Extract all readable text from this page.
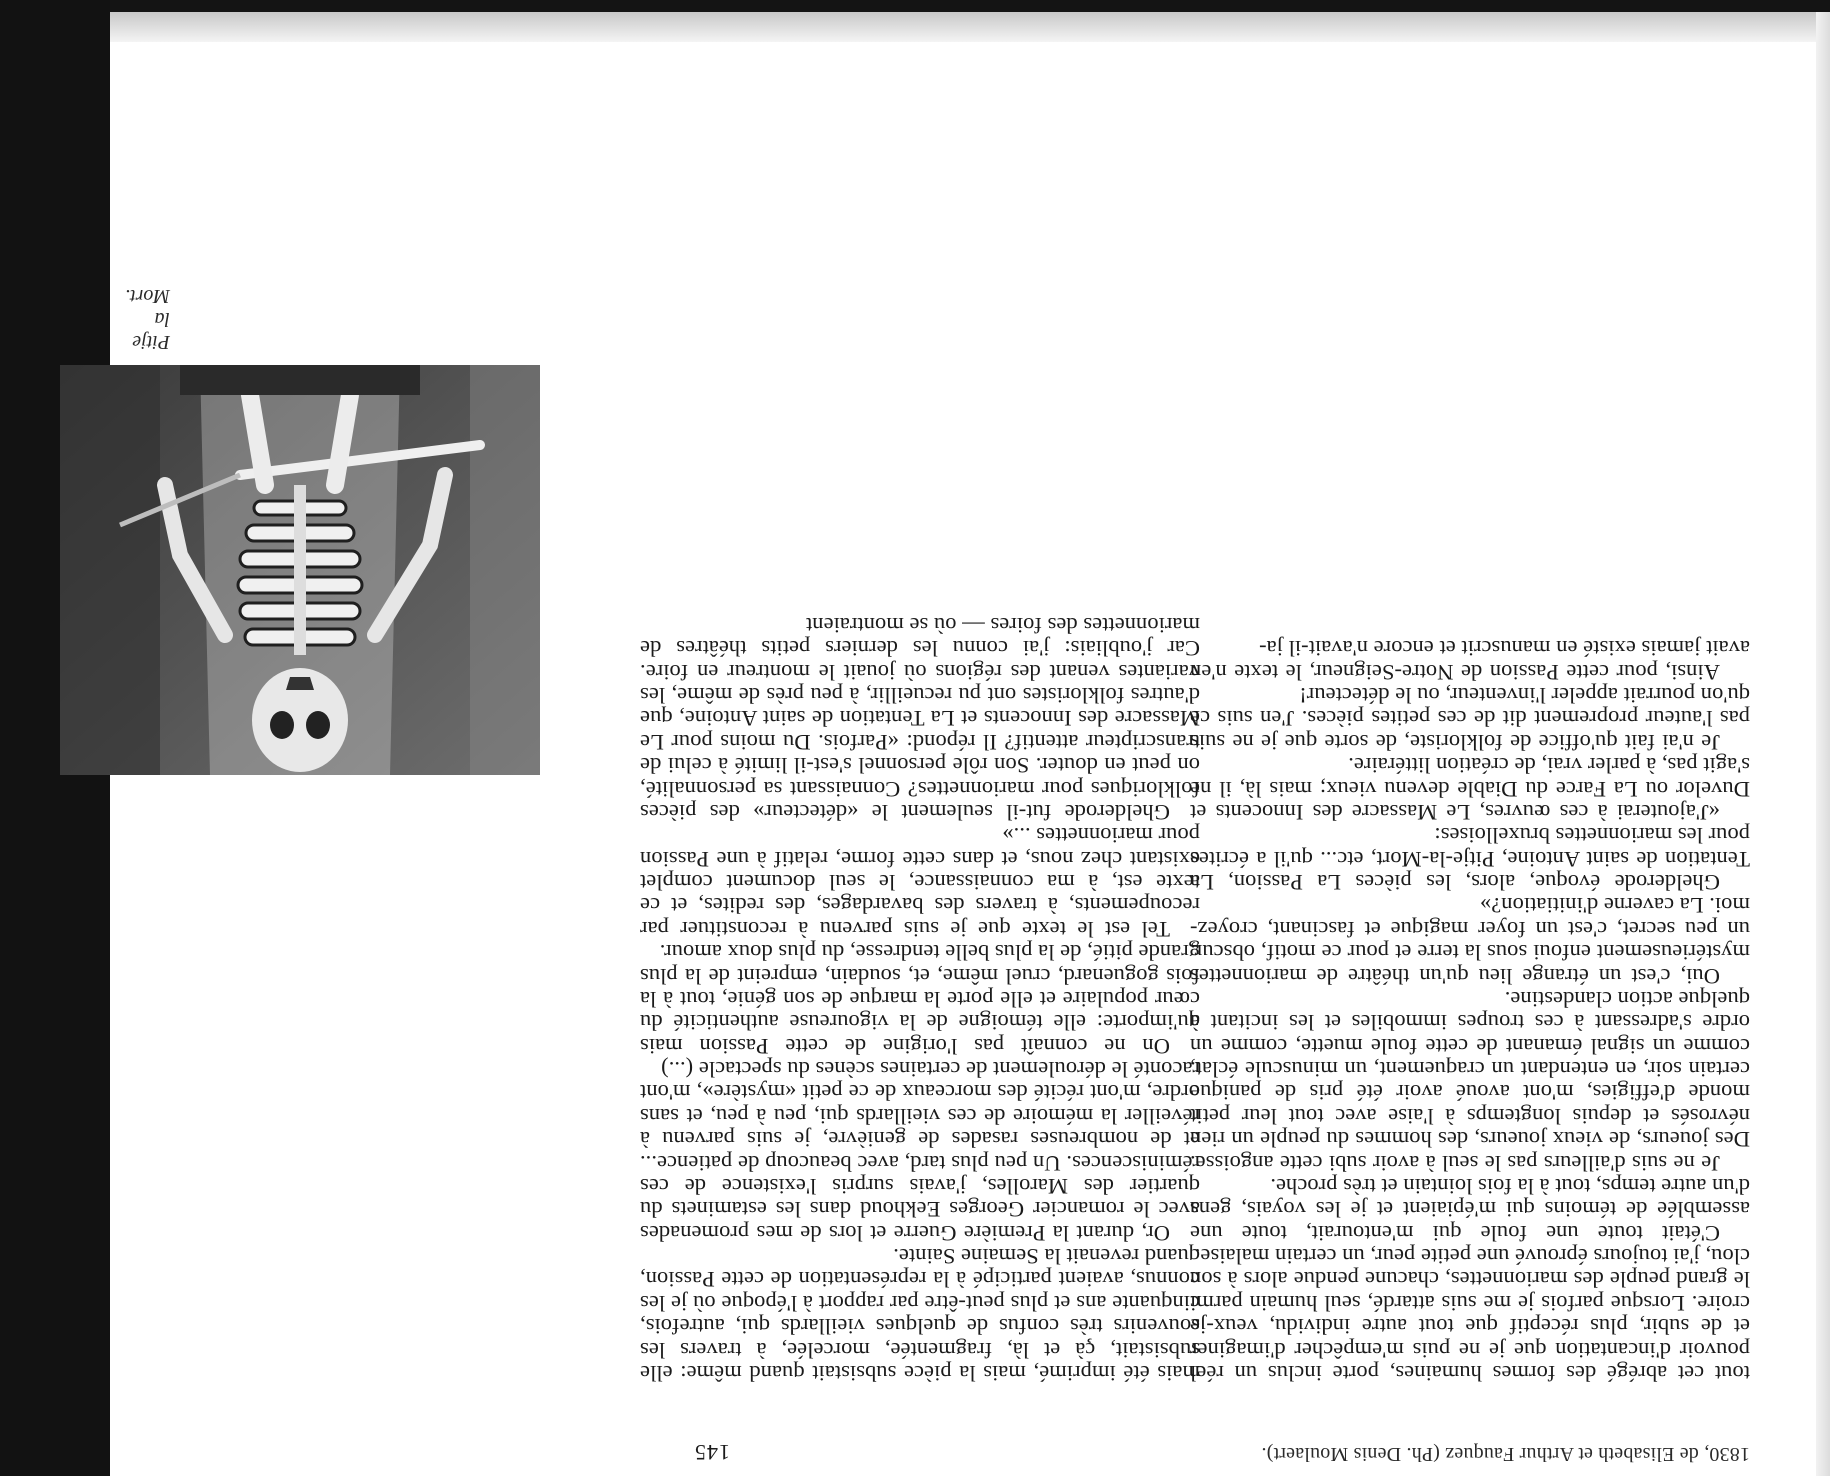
1830, de Elisabeth et Arthur Fauquez (Ph. Denis Moulaert).
145

tout cet abrégé des formes humaines, porte inclus un réel pouvoir d'incantation que je ne puis m'empêcher d'imaginer et de subir, plus réceptif que tout autre individu, veux-je croire. Lorsque parfois je me suis attardé, seul humain parmi le grand peuple des marionnettes, chacune pendue alors à son clou, j'ai toujours éprouvé une petite peur, un certain malaise.

C'était toute une foule qui m'entourait, toute une assemblée de témoins qui m'épiaient et je les voyais, gens d'un autre temps, tout à la fois lointain et très proche.

Je ne suis d'ailleurs pas le seul à avoir subi cette angoisse. Des joueurs, de vieux joueurs, des hommes du peuple un rien névrosés et depuis longtemps à l'aise avec tout leur petit monde d'effigies, m'ont avoué avoir été pris de panique certain soir, en entendant un craquement, un minuscule éclat, comme un signal émanant de cette foule muette, comme un ordre s'adressant à ces troupes immobiles et les incitant à quelque action clandestine.

Oui, c'est un étrange lieu qu'un théâtre de marionnettes mystérieusement enfoui sous la terre et pour ce motif, obscur, un peu secret, c'est un foyer magique et fascinant, croyez-moi. La caverne d'initiation?»

Ghelderode évoque, alors, les pièces La Passion, La Tentation de saint Antoine, Pitje-la-Mort, etc... qu'il a écrites pour les marionnettes bruxelloises:

«J'ajouterai à ces œuvres, Le Massacre des Innocents et Duvelor ou La Farce du Diable devenu vieux; mais là, il ne s'agit pas, à parler vrai, de création littéraire.

Je n'ai fait qu'office de folkloriste, de sorte que je ne suis pas l'auteur proprement dit de ces petites pièces. J'en suis ce qu'on pourrait appeler l'inventeur, ou le détecteur!

Ainsi, pour cette Passion de Notre-Seigneur, le texte n'en avait jamais existé en manuscrit et encore n'avait-il ja-

mais été imprimé, mais la pièce subsistait quand même: elle subsistait, çà et là, fragmentée, morcelée, à travers les souvenirs très confus de quelques vieillards qui, autrefois, cinquante ans et plus peut-être par rapport à l'époque où je les connus, avaient participé à la représentation de cette Passion, quand revenait la Semaine Sainte.

Or, durant la Première Guerre et lors de mes promenades avec le romancier Georges Eekhoud dans les estaminets du quartier des Marolles, j'avais surpris l'existence de ces réminiscences. Un peu plus tard, avec beaucoup de patience... et de nombreuses rasades de genièvre, je suis parvenu à réveiller la mémoire de ces vieillards qui, peu à peu, et sans ordre, m'ont récité des morceaux de ce petit «mystère», m'ont raconté le déroulement de certaines scènes du spectacle (...)

On ne connaît pas l'origine de cette Passion mais qu'importe: elle témoigne de la vigoureuse authenticité du cœur populaire et elle porte la marque de son génie, tout à la fois goguenard, cruel même, et, soudain, empreint de la plus grande pitié, de la plus belle tendresse, du plus doux amour.

Tel est le texte que je suis parvenu à reconstituer par recoupements, à travers des bavardages, des redites, et ce texte est, à ma connaissance, le seul document complet existant chez nous, et dans cette forme, relatif à une Passion pour marionnettes ...»

Ghelderode fut-il seulement le «détecteur» des pièces folkloriques pour marionnettes? Connaissant sa personnalité, on peut en douter. Son rôle personnel s'est-il limité à celui de transcripteur attentif? Il répond: «Parfois. Du moins pour Le Massacre des Innocents et La Tentation de saint Antoine, que d'autres folkloristes ont pu recueillir, à peu près de même, les variantes venant des régions où jouait le montreur en foire. Car j'oubliais: j'ai connu les derniers petits théâtres de marionnettes des foires — où se montraient

Pitje la Mort.
